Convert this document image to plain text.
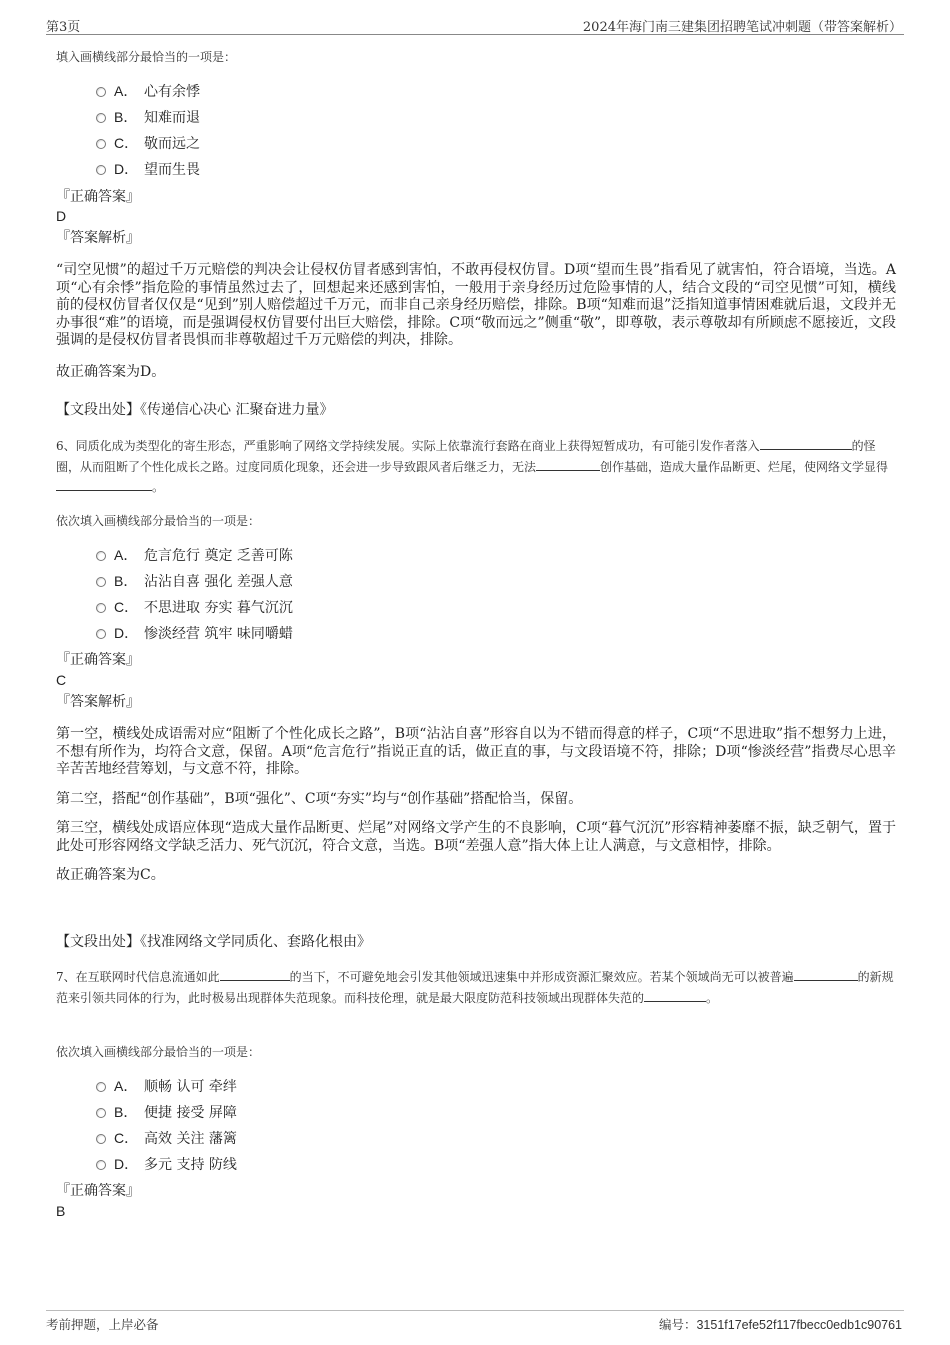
第3页	2024年海门南三建集团招聘笔试冲刺题（带答案解析）
填入画横线部分最恰当的一项是：
A． 心有余悸
B． 知难而退
C． 敬而远之
D． 望而生畏
『正确答案』
D
『答案解析』

“司空见惯”的超过千万元赔偿的判决会让侵权仿冒者感到害怕，不敢再侵权仿冒。D项“望而生畏”指看见了就害怕，符合语境，当选。A项“心有余悸”指危险的事情虽然过去了，回想起来还感到害怕，一般用于亲身经历过危险事情的人，结合文段的“司空见惯”可知，横线前的侵权仿冒者仅仅是“见到”别人赔偿超过千万元，而非自己亲身经历赔偿，排除。B项“知难而退”泛指知道事情困难就后退，文段并无办事很“难”的语境，而是强调侵权仿冒要付出巨大赔偿，排除。C项“敬而远之”侧重“敬”，即尊敬，表示尊敬却有所顾虑不愿接近，文段强调的是侵权仿冒者畏惧而非尊敬超过千万元赔偿的判决，排除。

故正确答案为D。

【文段出处】《传递信心决心 汇聚奋进力量》
6、同质化成为类型化的寄生形态，严重影响了网络文学持续发展。实际上依靠流行套路在商业上获得短暂成功，有可能引发作者落入	的怪圈，从而阻断了个性化成长之路。过度同质化现象，还会进一步导致跟风者后继乏力，无法	创作基础，造成大量作品断更、烂尾，使网络文学显得。
依次填入画横线部分最恰当的一项是：
A． 危言危行 奠定 乏善可陈
B． 沾沾自喜 强化 差强人意
C． 不思进取 夯实 暮气沉沉
D． 惨淡经营 筑牢 味同嚼蜡
『正确答案』
C
『答案解析』

第一空，横线处成语需对应“阻断了个性化成长之路”，B项“沾沾自喜”形容自以为不错而得意的样子，C项“不思进取”指不想努力上进，不想有所作为，均符合文意，保留。A项“危言危行”指说正直的话，做正直的事，与文段语境不符，排除；D项“惨淡经营”指费尽心思辛辛苦苦地经营筹划，与文意不符，排除。

第二空，搭配“创作基础”，B项“强化”、C项“夯实”均与“创作基础”搭配恰当，保留。

第三空，横线处成语应体现“造成大量作品断更、烂尾”对网络文学产生的不良影响，C项“暮气沉沉”形容精神萎靡不振，缺乏朝气，置于此处可形容网络文学缺乏活力、死气沉沉，符合文意，当选。B项“差强人意”指大体上让人满意，与文意相悖，排除。

故正确答案为C。

【文段出处】《找准网络文学同质化、套路化根由》
7、在互联网时代信息流通如此	的当下，不可避免地会引发其他领域迅速集中并形成资源汇聚效应。若某个领域尚无可以被普遍	的新规范来引领共同体的行为，此时极易出现群体失范现象。而科技伦理，就是最大限度防范科技领域出现群体失范的	。
依次填入画横线部分最恰当的一项是：
A． 顺畅 认可 牵绊
B． 便捷 接受 屏障
C． 高效 关注 藩篱
D． 多元 支持 防线
『正确答案』
B
考前押题，上岸必备	编号：3151f17efe52f117fbecc0edb1c90761
